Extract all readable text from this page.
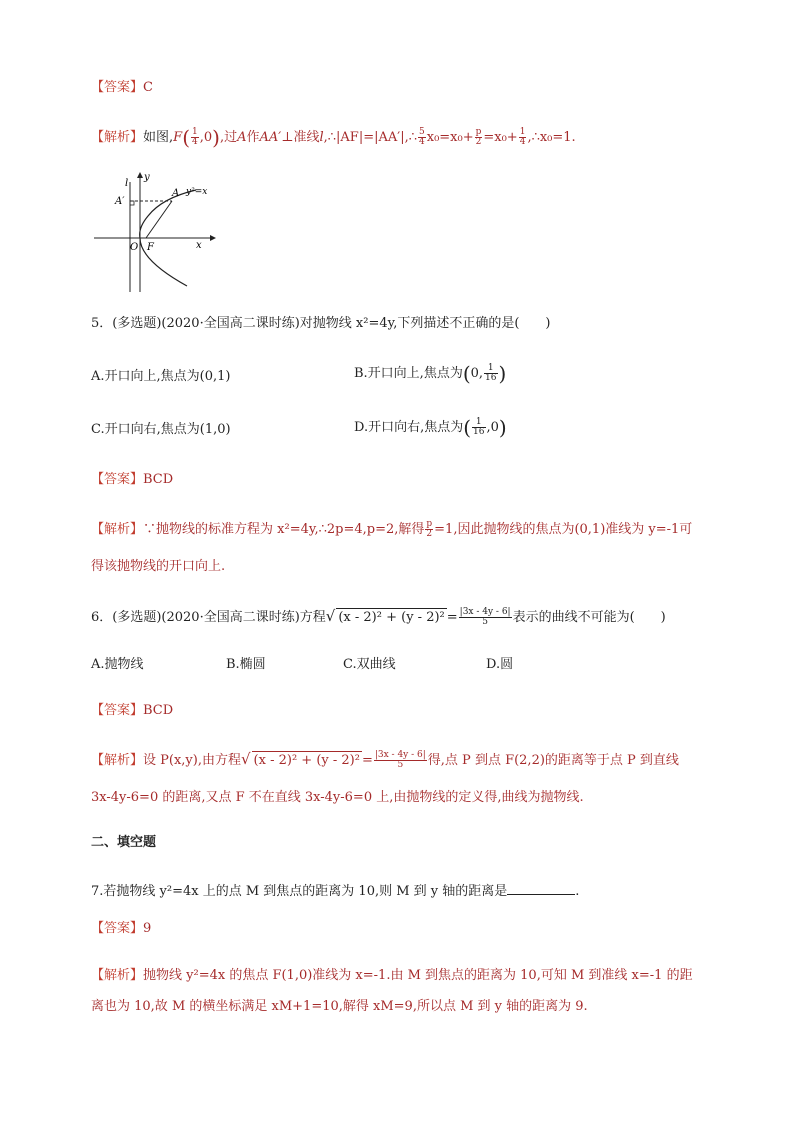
【答案】C
【解析】如图$,F( \frac{1}{4} ,0)$,过A作AA′⊥准线l,∴|AF|=|AA′|,∴ $\frac{5}{4} x_0=x_0+ \frac{p}{2} =x_0+ \frac{1}{4}$ ,∴x₀=1.
l
y
A′
A y²=x
O F	x
5．(多选题)(2020·全国高二课时练)对抛物线 x²=4y,下列描述不正确的是(　　)
A.开口向上,焦点为(0,1)	B.开口向上,焦点为(0, $\frac{1}{16}$ )
C.开口向右,焦点为(1,0)	D.开口向右,焦点为( $\frac{1}{16} ,0$)
【答案】BCD
【解析】∵抛物线的标准方程为 x²=4y,∴2p=4,p=2,解得 $\frac{p}{2} =1$,因此抛物线的焦点为(0,1)准线为 y=-1可
得该抛物线的开口向上.
6．(多选题)(2020·全国高二课时练)方程√ $(x - 2)^2 + (y - 2)^2 = \frac{|3x - 4y - 6|}{5}$ 表示的曲线不可能为(　　)
A.抛物线	B.椭圆	C.双曲线	D.圆
【答案】BCD
【解析】设 P(x,y),由方程√ $(x - 2)^2 + (y - 2)^2 = \frac{|3x - 4y - 6|}{5}$ 得,点 P 到点 F(2,2)的距离等于点 P 到直线
3x-4y-6=0 的距离,又点 F 不在直线 3x-4y-6=0 上,由抛物线的定义得,曲线为抛物线.
二、填空题
7.若抛物线 y²=4x 上的点 M 到焦点的距离为 10,则 M 到 y 轴的距离是	.
【答案】9
【解析】抛物线 y²=4x 的焦点 F(1,0)准线为 x=-1.由 M 到焦点的距离为 10,可知 M 到准线 x=-1 的距
离也为 10,故 M 的横坐标满足 xM+1=10,解得 xM=9,所以点 M 到 y 轴的距离为 9.
